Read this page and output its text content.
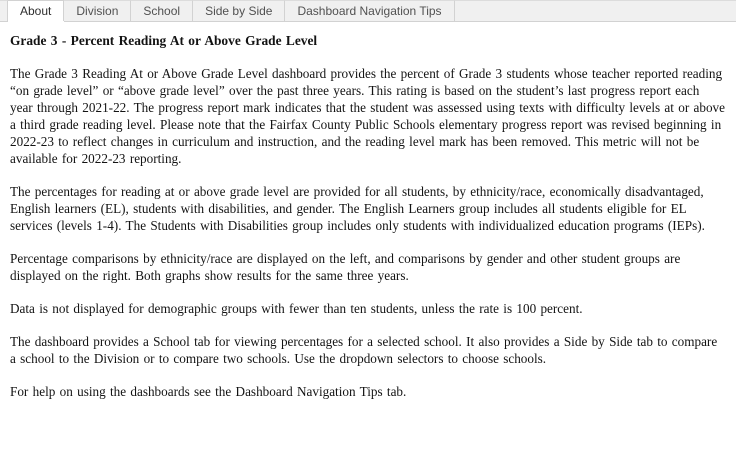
About Division School Side by Side Dashboard Navigation Tips
Grade 3 - Percent Reading At or Above Grade Level

The Grade 3 Reading At or Above Grade Level dashboard provides the percent of Grade 3 students whose teacher reported reading “on grade level” or “above grade level” over the past three years. This rating is based on the student’s last progress report each year through 2021-22. The progress report mark indicates that the student was assessed using texts with difficulty levels at or above a third grade reading level. Please note that the Fairfax County Public Schools elementary progress report was revised beginning in 2022-23 to reflect changes in curriculum and instruction, and the reading level mark has been removed. This metric will not be available for 2022-23 reporting.

The percentages for reading at or above grade level are provided for all students, by ethnicity/race, economically disadvantaged, English learners (EL), students with disabilities, and gender. The English Learners group includes all students eligible for EL services (levels 1-4). The Students with Disabilities group includes only students with individualized education programs (IEPs).

Percentage comparisons by ethnicity/race are displayed on the left, and comparisons by gender and other student groups are displayed on the right. Both graphs show results for the same three years.

Data is not displayed for demographic groups with fewer than ten students, unless the rate is 100 percent.

The dashboard provides a School tab for viewing percentages for a selected school. It also provides a Side by Side tab to compare a school to the Division or to compare two schools. Use the dropdown selectors to choose schools.

For help on using the dashboards see the Dashboard Navigation Tips tab.
